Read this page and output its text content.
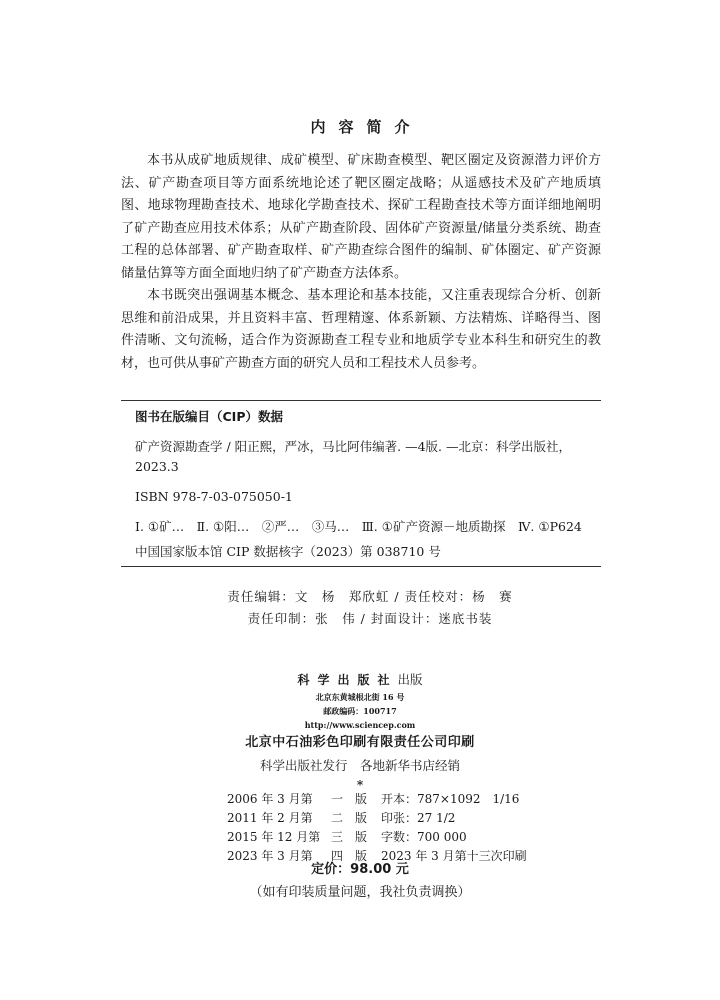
内容简介

本书从成矿地质规律、成矿模型、矿床勘查模型、靶区圈定及资源潜力评价方法、矿产勘查项目等方面系统地论述了靶区圈定战略；从遥感技术及矿产地质填图、地球物理勘查技术、地球化学勘查技术、探矿工程勘查技术等方面详细地阐明了矿产勘查应用技术体系；从矿产勘查阶段、固体矿产资源量/储量分类系统、勘查工程的总体部署、矿产勘查取样、矿产勘查综合图件的编制、矿体圈定、矿产资源储量估算等方面全面地归纳了矿产勘查方法体系。

本书既突出强调基本概念、基本理论和基本技能，又注重表现综合分析、创新思维和前沿成果，并且资料丰富、哲理精邃、体系新颖、方法精炼、详略得当、图件清晰、文句流畅，适合作为资源勘查工程专业和地质学专业本科生和研究生的教材，也可供从事矿产勘查方面的研究人员和工程技术人员参考。

图书在版编目（CIP）数据
矿产资源勘查学 / 阳正熙，严冰，马比阿伟编著. —4版. —北京：科学出版社，2023.3
ISBN 978-7-03-075050-1
Ⅰ. ①矿…　Ⅱ. ①阳…　②严…　③马…　Ⅲ. ①矿产资源－地质勘探　Ⅳ. ①P624
中国国家版本馆 CIP 数据核字（2023）第 038710 号
责任编辑：文　杨　郑欣虹 / 责任校对：杨　赛
责任印制：张　伟 / 封面设计：迷底书装
科学出版社出版
北京东黄城根北街 16 号
邮政编码：100717
http://www.sciencep.com
北京中石油彩色印刷有限责任公司印刷
科学出版社发行　各地新华书店经销
*
2006 年 3 月第 一　版 开本：787×1092　1/16
2011 年 2 月第 二　版 印张：27 1/2
2015 年 12 月第 三　版 字数：700 000
2023 年 3 月第 四　版 2023 年 3 月第十三次印刷
定价：98.00 元
（如有印装质量问题，我社负责调换）
